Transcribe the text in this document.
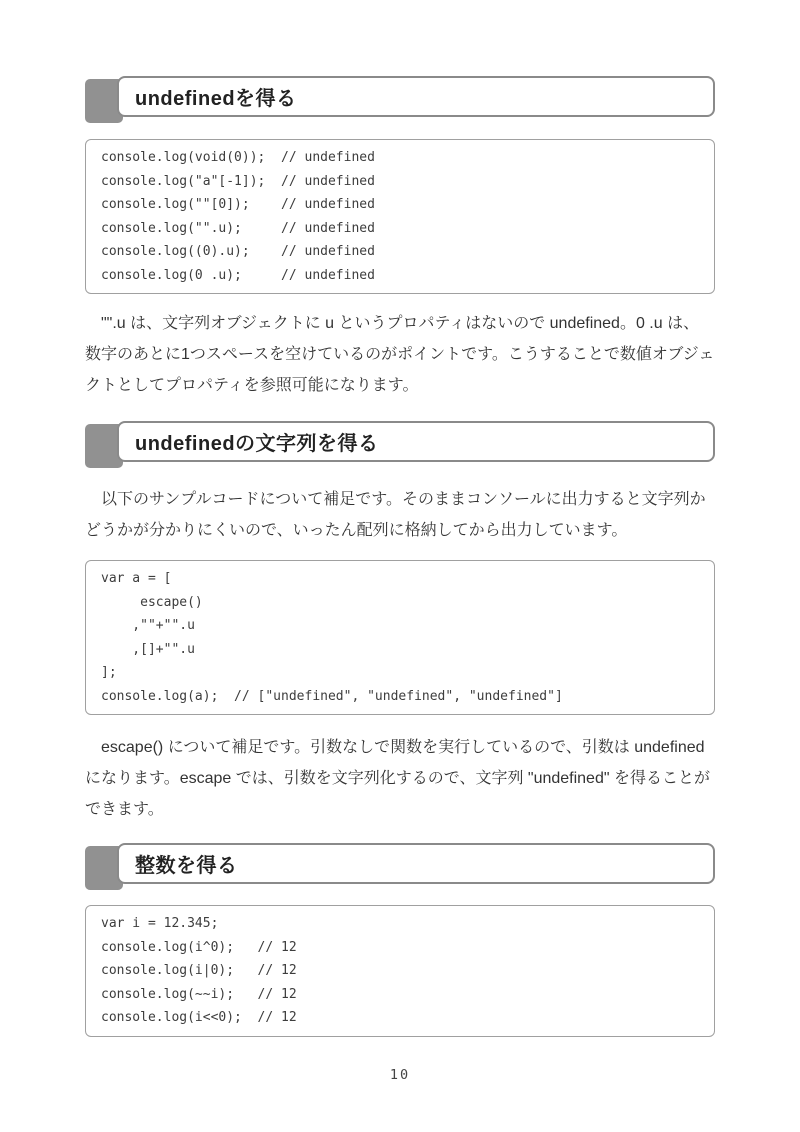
undefinedを得る
console.log(void(0));  // undefined
console.log("a"[-1]);  // undefined
console.log(""[0]);    // undefined
console.log("".u);     // undefined
console.log((0).u);    // undefined
console.log(0 .u);     // undefined

"".u は、文字列オブジェクトに u というプロパティはないので undefined。0 .u は、数字のあとに1つスペースを空けているのがポイントです。こうすることで数値オブジェクトとしてプロパティを参照可能になります。

undefinedの文字列を得る

以下のサンプルコードについて補足です。そのままコンソールに出力すると文字列かどうかが分かりにくいので、いったん配列に格納してから出力しています。

var a = [
escape()
,""+"".u
,[]+"".u
];
console.log(a);  // ["undefined", "undefined", "undefined"]

escape() について補足です。引数なしで関数を実行しているので、引数は undefined になります。escape では、引数を文字列化するので、文字列 "undefined" を得ることができます。

整数を得る
var i = 12.345;
console.log(i^0);   // 12
console.log(i|0);   // 12
console.log(~~i);   // 12
console.log(i<<0);  // 12
10
